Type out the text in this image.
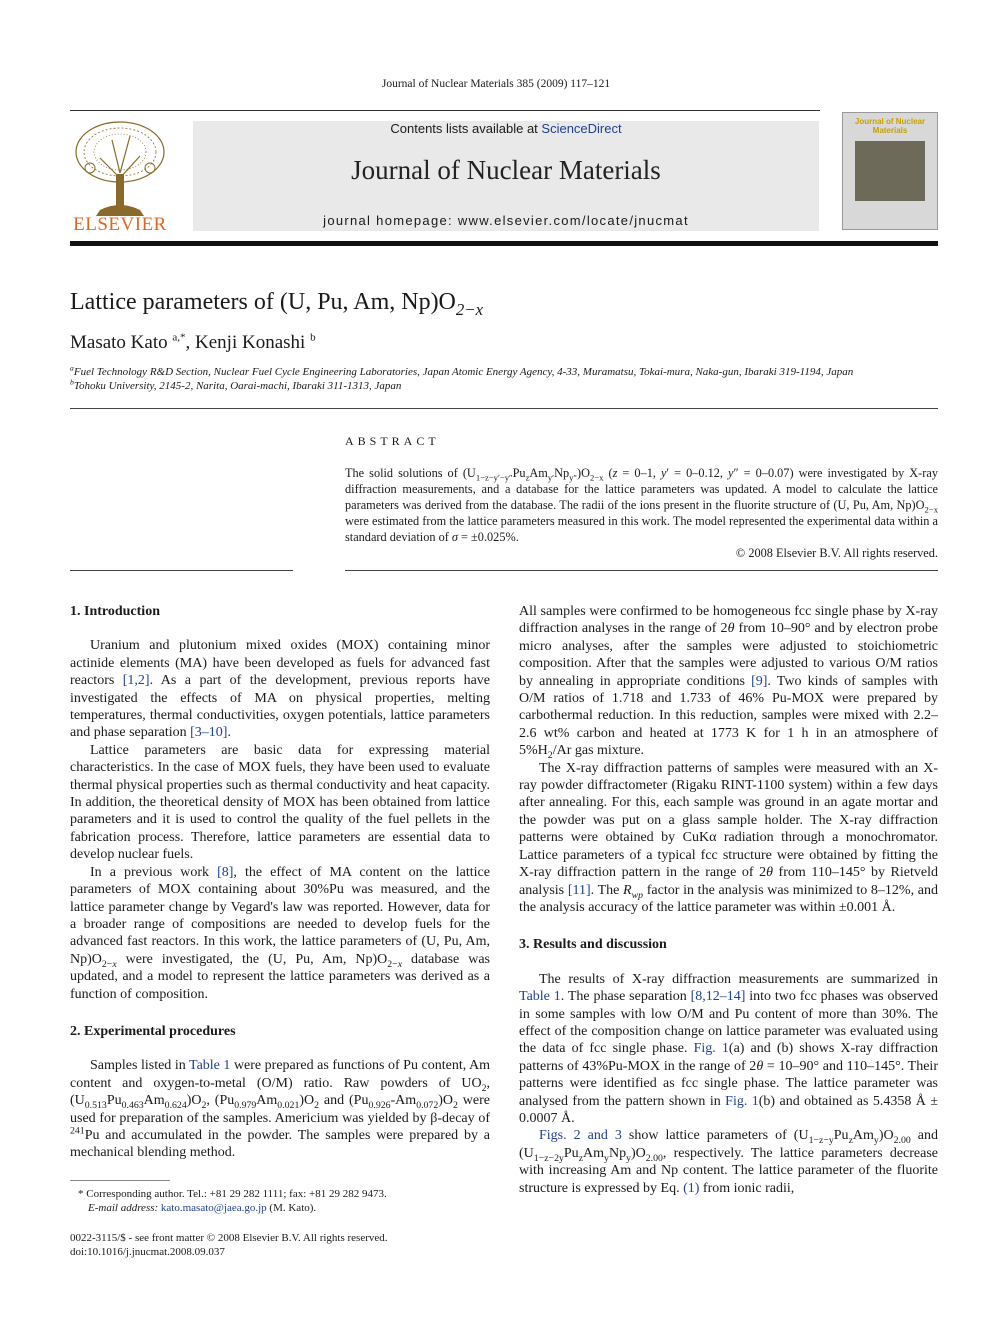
Journal of Nuclear Materials 385 (2009) 117–121
ELSEVIER
Contents lists available at ScienceDirect
Journal of Nuclear Materials
journal homepage: www.elsevier.com/locate/jnucmat
Journal of Nuclear Materials
Lattice parameters of (U, Pu, Am, $Np)O_{2-x}$
Masato Kato $^{a,*}$, Kenji Konashi $^b$
$^a$Fuel Technology R&D Section, Nuclear Fuel Cycle Engineering Laboratories, Japan Atomic Energy Agency, 4-33, Muramatsu, Tokai-mura, Naka-gun, Ibaraki 319-1194, Japan
$^b$Tohoku University, 2145-2, Narita, Oarai-machi, Ibaraki 311-1313, Japan
ABSTRACT
The solid solutions of $(U_{1-z-y'-y''}Pu_zAm_{y'}Np_{y''})O_{2-x}$ (z = 0–1, y′ = 0–0.12, y″ = 0–0.07) were investigated by X-ray diffraction measurements, and a database for the lattice parameters was updated. A model to calculate the lattice parameters was derived from the database. The radii of the ions present in the fluorite structure of (U, Pu, Am, $Np)O_{2-x}$ were estimated from the lattice parameters measured in this work. The model represented the experimental data within a standard deviation of σ = ±0.025%.
© 2008 Elsevier B.V. All rights reserved.
1. Introduction

Uranium and plutonium mixed oxides (MOX) containing minor actinide elements (MA) have been developed as fuels for advanced fast reactors [1,2]. As a part of the development, previous reports have investigated the effects of MA on physical properties, melting temperatures, thermal conductivities, oxygen potentials, lattice parameters and phase separation [3–10].

Lattice parameters are basic data for expressing material characteristics. In the case of MOX fuels, they have been used to evaluate thermal physical properties such as thermal conductivity and heat capacity. In addition, the theoretical density of MOX has been obtained from lattice parameters and it is used to control the quality of the fuel pellets in the fabrication process. Therefore, lattice parameters are essential data to develop nuclear fuels.

In a previous work [8], the effect of MA content on the lattice parameters of MOX containing about 30%Pu was measured, and the lattice parameter change by Vegard's law was reported. However, data for a broader range of compositions are needed to develop fuels for the advanced fast reactors. In this work, the lattice parameters of (U, Pu, Am, $Np)O_{2-x}$ were investigated, the (U, Pu, Am, $Np)O_{2-x}$ database was updated, and a model to represent the lattice parameters was derived as a function of composition.

2. Experimental procedures

Samples listed in Table 1 were prepared as functions of Pu content, Am content and oxygen-to-metal (O/M) ratio. Raw powders of $UO_2$, $(U_{0.513}Pu_{0.463}Am_{0.624})O_2$, $(Pu_{0.979}Am_{0.021})O_2$ and $(Pu_{0.926}-Am_{0.072})O_2$ were used for preparation of the samples. Americium was yielded by β-decay of $^{241}$Pu and accumulated in the powder. The samples were prepared by a mechanical blending method.

* Corresponding author. Tel.: +81 29 282 1111; fax: +81 29 282 9473.
E-mail address: kato.masato@jaea.go.jp (M. Kato).
0022-3115/$ - see front matter © 2008 Elsevier B.V. All rights reserved.
doi:10.1016/j.jnucmat.2008.09.037

All samples were confirmed to be homogeneous fcc single phase by X-ray diffraction analyses in the range of 2θ from 10–90° and by electron probe micro analyses, after the samples were adjusted to stoichiometric composition. After that the samples were adjusted to various O/M ratios by annealing in appropriate conditions [9]. Two kinds of samples with O/M ratios of 1.718 and 1.733 of 46% Pu-MOX were prepared by carbothermal reduction. In this reduction, samples were mixed with 2.2–2.6 wt% carbon and heated at 1773 K for 1 h in an atmosphere of $5\%H_2/Ar$ gas mixture.

The X-ray diffraction patterns of samples were measured with an X-ray powder diffractometer (Rigaku RINT-1100 system) within a few days after annealing. For this, each sample was ground in an agate mortar and the powder was put on a glass sample holder. The X-ray diffraction patterns were obtained by CuKα radiation through a monochromator. Lattice parameters of a typical fcc structure were obtained by fitting the X-ray diffraction pattern in the range of 2θ from 110–145° by Rietveld analysis [11]. The $R_{wp}$ factor in the analysis was minimized to 8–12%, and the analysis accuracy of the lattice parameter was within ±0.001 Å.

3. Results and discussion

The results of X-ray diffraction measurements are summarized in Table 1. The phase separation [8,12–14] into two fcc phases was observed in some samples with low O/M and Pu content of more than 30%. The effect of the composition change on lattice parameter was evaluated using the data of fcc single phase. Fig. 1(a) and (b) shows X-ray diffraction patterns of 43%Pu-MOX in the range of 2θ = 10–90° and 110–145°. Their patterns were identified as fcc single phase. The lattice parameter was analysed from the pattern shown in Fig. 1(b) and obtained as 5.4358 Å ± 0.0007 Å.

Figs. 2 and 3 show lattice parameters of $(U_{1-z-y}Pu_zAm_y)O_{2.00}$ and $(U_{1-z-2y}Pu_zAm_yNp_y)O_{2.00}$, respectively. The lattice parameters decrease with increasing Am and Np content. The lattice parameter of the fluorite structure is expressed by Eq. (1) from ionic radii,
